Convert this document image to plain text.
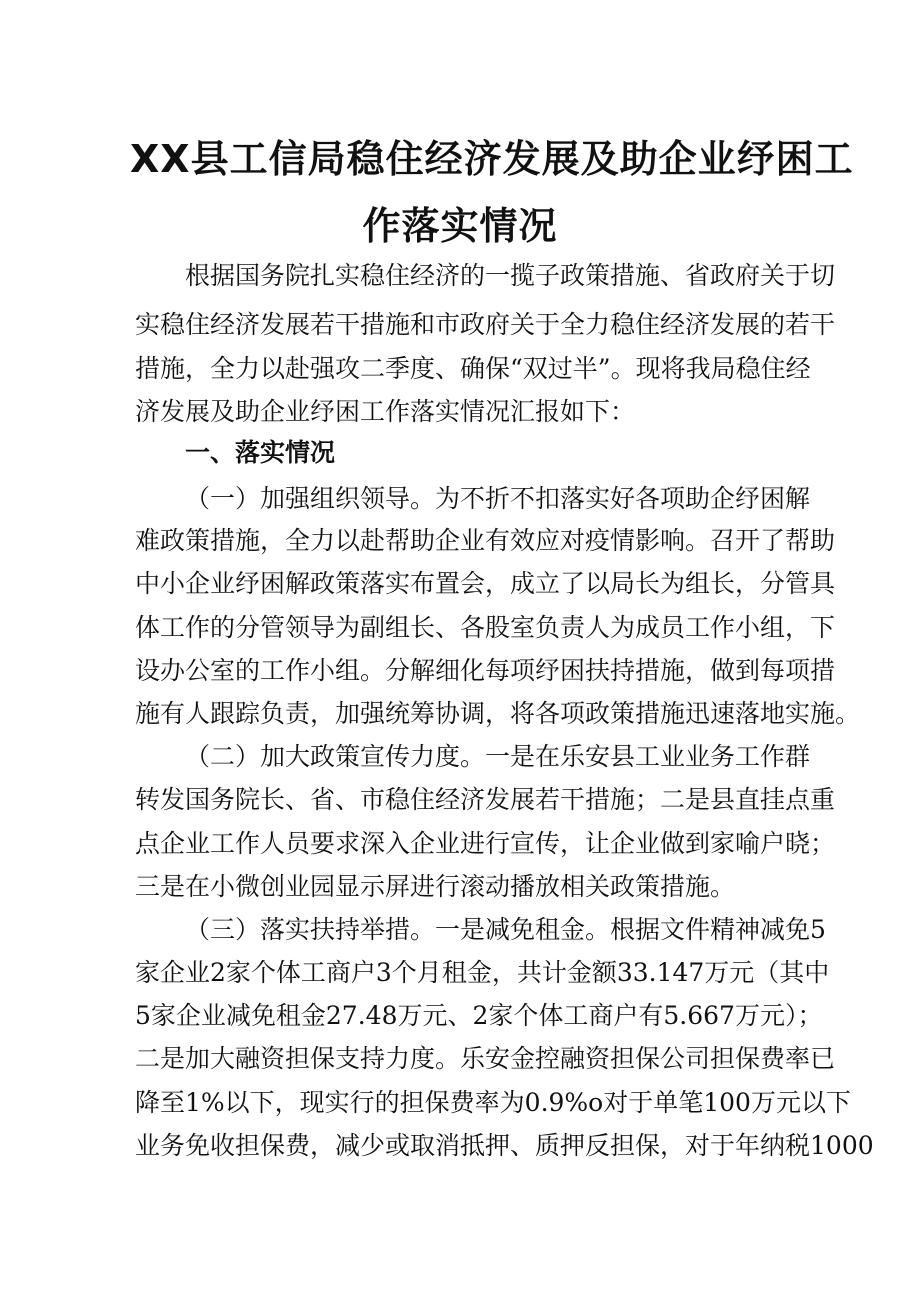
XX县工信局稳住经济发展及助企业纾困工
作落实情况
根据国务院扎实稳住经济的一揽子政策措施、省政府关于切
实稳住经济发展若干措施和市政府关于全力稳住经济发展的若干
措施，全力以赴强攻二季度、确保“双过半”。现将我局稳住经
济发展及助企业纾困工作落实情况汇报如下：
一、落实情况
（一）加强组织领导。为不折不扣落实好各项助企纾困解
难政策措施，全力以赴帮助企业有效应对疫情影响。召开了帮助
中小企业纾困解政策落实布置会，成立了以局长为组长，分管具
体工作的分管领导为副组长、各股室负责人为成员工作小组，下
设办公室的工作小组。分解细化每项纾困扶持措施，做到每项措
施有人跟踪负责，加强统筹协调，将各项政策措施迅速落地实施。
（二）加大政策宣传力度。一是在乐安县工业业务工作群
转发国务院长、省、市稳住经济发展若干措施；二是县直挂点重
点企业工作人员要求深入企业进行宣传，让企业做到家喻户晓；
三是在小微创业园显示屏进行滚动播放相关政策措施。
（三）落实扶持举措。一是减免租金。根据文件精神减免5
家企业2家个体工商户3个月租金，共计金额33.147万元（其中
5家企业减免租金27.48万元、2家个体工商户有5.667万元）；
二是加大融资担保支持力度。乐安金控融资担保公司担保费率已
降至1%以下，现实行的担保费率为0.9%o对于单笔100万元以下
业务免收担保费，减少或取消抵押、质押反担保，对于年纳税1000
